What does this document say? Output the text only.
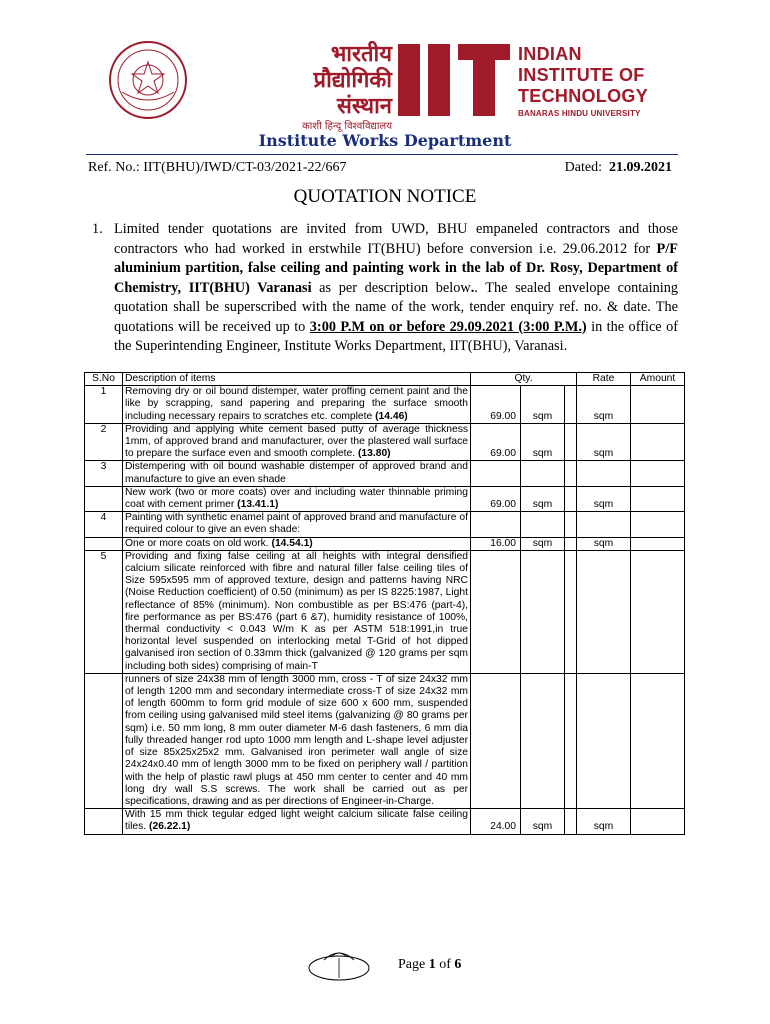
भारतीय
प्रौद्योगिकी
संस्थान
काशी हिन्दू विश्वविद्यालय
INDIAN
INSTITUTE OF
TECHNOLOGY
BANARAS HINDU UNIVERSITY
Institute Works Department
Ref. No.: IIT(BHU)/IWD/CT-03/2021-22/667	Dated: 21.09.2021
QUOTATION NOTICE
1. Limited tender quotations are invited from UWD, BHU empaneled contractors and those contractors who had worked in erstwhile IT(BHU) before conversion i.e. 29.06.2012 for P/F aluminium partition, false ceiling and painting work in the lab of Dr. Rosy, Department of Chemistry, IIT(BHU) Varanasi as per description below.. The sealed envelope containing quotation shall be superscribed with the name of the work, tender enquiry ref. no. & date. The quotations will be received up to 3:00 P.M on or before 29.09.2021 (3:00 P.M.) in the office of the Superintending Engineer, Institute Works Department, IIT(BHU), Varanasi.
S.No	Description of items	Qty.			Rate	Amount
1	Removing dry or oil bound distemper, water proffing cement paint and the like by scrapping, sand papering and preparing the surface smooth including necessary repairs to scratches etc. complete (14.46)	69.00	sqm		sqm	
2	Providing and applying white cement based putty of average thickness 1mm, of approved brand and manufacturer, over the plastered wall surface to prepare the surface even and smooth complete. (13.80)	69.00	sqm		sqm	
3	Distempering with oil bound washable distemper of approved brand and manufacture to give an even shade					
	New work (two or more coats) over and including water thinnable priming coat with cement primer (13.41.1)	69.00	sqm		sqm	
4	Painting with synthetic enamel paint of approved brand and manufacture of required colour to give an even shade:					
	One or more coats on old work. (14.54.1)	16.00	sqm		sqm	
5	Providing and fixing false ceiling at all heights with integral densified calcium silicate reinforced with fibre and natural filler false ceiling tiles of Size 595x595 mm of approved texture, design and patterns having NRC (Noise Reduction coefficient) of 0.50 (minimum) as per IS 8225:1987, Light reflectance of 85% (minimum). Non combustible as per BS:476 (part-4), fire performance as per BS:476 (part 6 &7), humidity resistance of 100%, thermal conductivity < 0.043 W/m K as per ASTM 518:1991,in true horizontal level suspended on interlocking metal T-Grid of hot dipped galvanised iron section of 0.33mm thick (galvanized @ 120 grams per sqm including both sides) comprising of main-T					
	runners of size 24x38 mm of length 3000 mm, cross - T of size 24x32 mm of length 1200 mm and secondary intermediate cross-T of size 24x32 mm of length 600mm to form grid module of size 600 x 600 mm, suspended from ceiling using galvanised mild steel items (galvanizing @ 80 grams per sqm) i.e. 50 mm long, 8 mm outer diameter M-6 dash fasteners, 6 mm dia fully threaded hanger rod upto 1000 mm length and L-shape level adjuster of size 85x25x25x2 mm. Galvanised iron perimeter wall angle of size 24x24x0.40 mm of length 3000 mm to be fixed on periphery wall / partition with the help of plastic rawl plugs at 450 mm center to center and 40 mm long dry wall S.S screws. The work shall be carried out as per specifications, drawing and as per directions of Engineer-in-Charge.					
	With 15 mm thick tegular edged light weight calcium silicate false ceiling tiles. (26.22.1)	24.00	sqm		sqm	
Page 1 of 6
